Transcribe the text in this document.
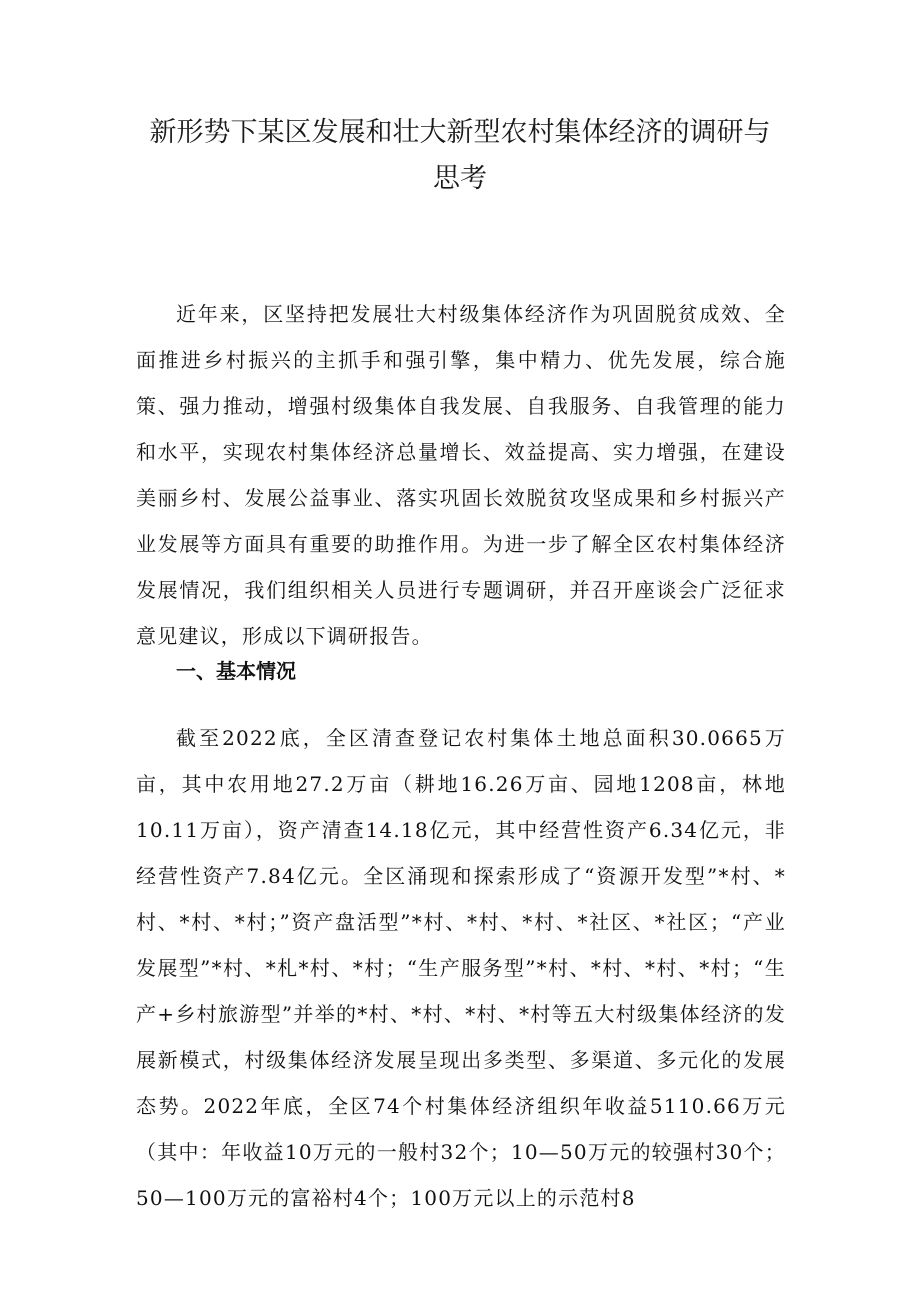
新形势下某区发展和壮大新型农村集体经济的调研与思考

近年来，区坚持把发展壮大村级集体经济作为巩固脱贫成效、全面推进乡村振兴的主抓手和强引擎，集中精力、优先发展，综合施策、强力推动，增强村级集体自我发展、自我服务、自我管理的能力和水平，实现农村集体经济总量增长、效益提高、实力增强，在建设美丽乡村、发展公益事业、落实巩固长效脱贫攻坚成果和乡村振兴产业发展等方面具有重要的助推作用。为进一步了解全区农村集体经济发展情况，我们组织相关人员进行专题调研，并召开座谈会广泛征求意见建议，形成以下调研报告。

一、基本情况

截至2022底，全区清查登记农村集体土地总面积30.0665万亩，其中农用地27.2万亩（耕地16.26万亩、园地1208亩，林地10.11万亩），资产清查14.18亿元，其中经营性资产6.34亿元，非经营性资产7.84亿元。全区涌现和探索形成了“资源开发型”*村、*村、*村、*村；”资产盘活型”*村、*村、*村、*社区、*社区；“产业发展型”*村、*札*村、*村；“生产服务型”*村、*村、*村、*村；“生产+乡村旅游型”并举的*村、*村、*村、*村等五大村级集体经济的发展新模式，村级集体经济发展呈现出多类型、多渠道、多元化的发展态势。2022年底，全区74个村集体经济组织年收益5110.66万元（其中：年收益10万元的一般村32个；10—50万元的较强村30个；50—100万元的富裕村4个；100万元以上的示范村8
